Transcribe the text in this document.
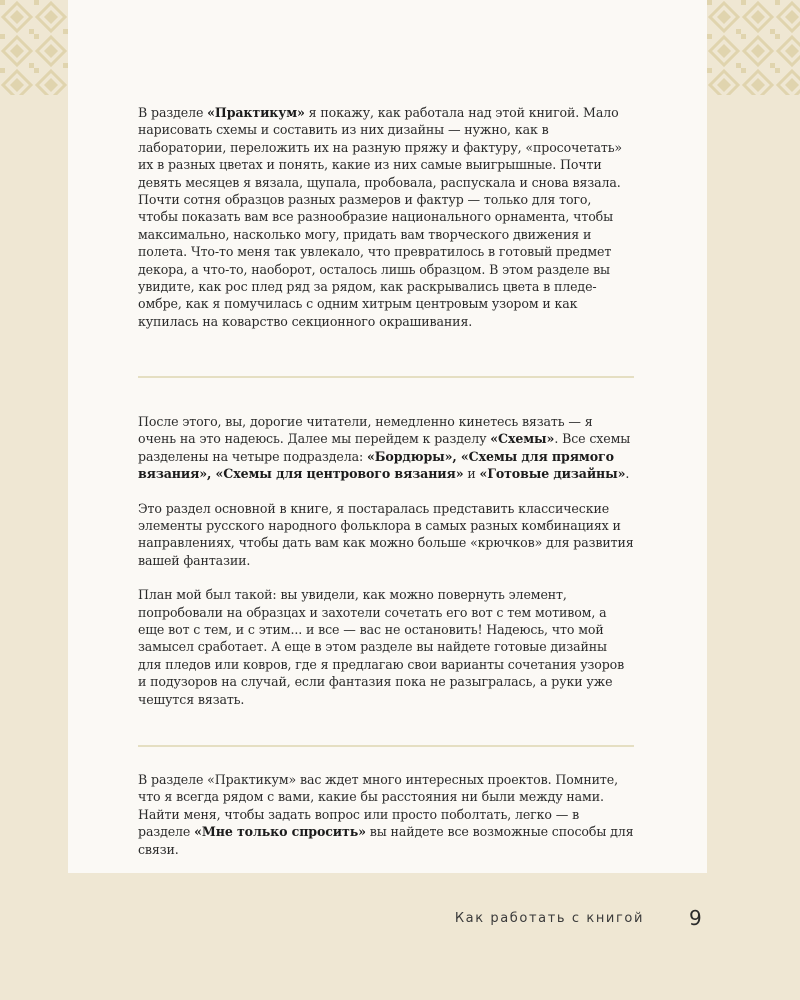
В разделе «Практикум» я покажу, как работала над этой книгой. Мало нарисовать схемы и составить из них дизайны — нужно, как в лаборатории, переложить их на разную пряжу и фактуру, «просочетать» их в разных цветах и понять, какие из них самые выигрышные. Почти девять месяцев я вязала, щупала, пробовала, распускала и снова вязала. Почти сотня образцов разных размеров и фактур — только для того, чтобы показать вам все разнообразие национального орнамента, чтобы максимально, насколько могу, придать вам творческого движения и полета. Что-то меня так увлекало, что превратилось в готовый предмет декора, а что-то, наоборот, осталось лишь образцом. В этом разделе вы увидите, как рос плед ряд за рядом, как раскрывались цвета в пледе-омбре, как я помучилась с одним хитрым центровым узором и как купилась на коварство секционного окрашивания.

После этого, вы, дорогие читатели, немедленно кинетесь вязать — я очень на это надеюсь. Далее мы перейдем к разделу «Схемы». Все схемы разделены на четыре подраздела: «Бордюры», «Схемы для прямого вязания», «Схемы для центрового вязания» и «Готовые дизайны».

Это раздел основной в книге, я постаралась представить классические элементы русского народного фольклора в самых разных комбинациях и направлениях, чтобы дать вам как можно больше «крючков» для развития вашей фантазии.

План мой был такой: вы увидели, как можно повернуть элемент, попробовали на образцах и захотели сочетать его вот с тем мотивом, а еще вот с тем, и с этим... и все — вас не остановить! Надеюсь, что мой замысел сработает. А еще в этом разделе вы найдете готовые дизайны для пледов или ковров, где я предлагаю свои варианты сочетания узоров и подузоров на случай, если фантазия пока не разыгралась, а руки уже чешутся вязать.

В разделе «Практикум» вас ждет много интересных проектов. Помните, что я всегда рядом с вами, какие бы расстояния ни были между нами. Найти меня, чтобы задать вопрос или просто поболтать, легко — в разделе «Мне только спросить» вы найдете все возможные способы для связи.

Как работать с книгой 9
